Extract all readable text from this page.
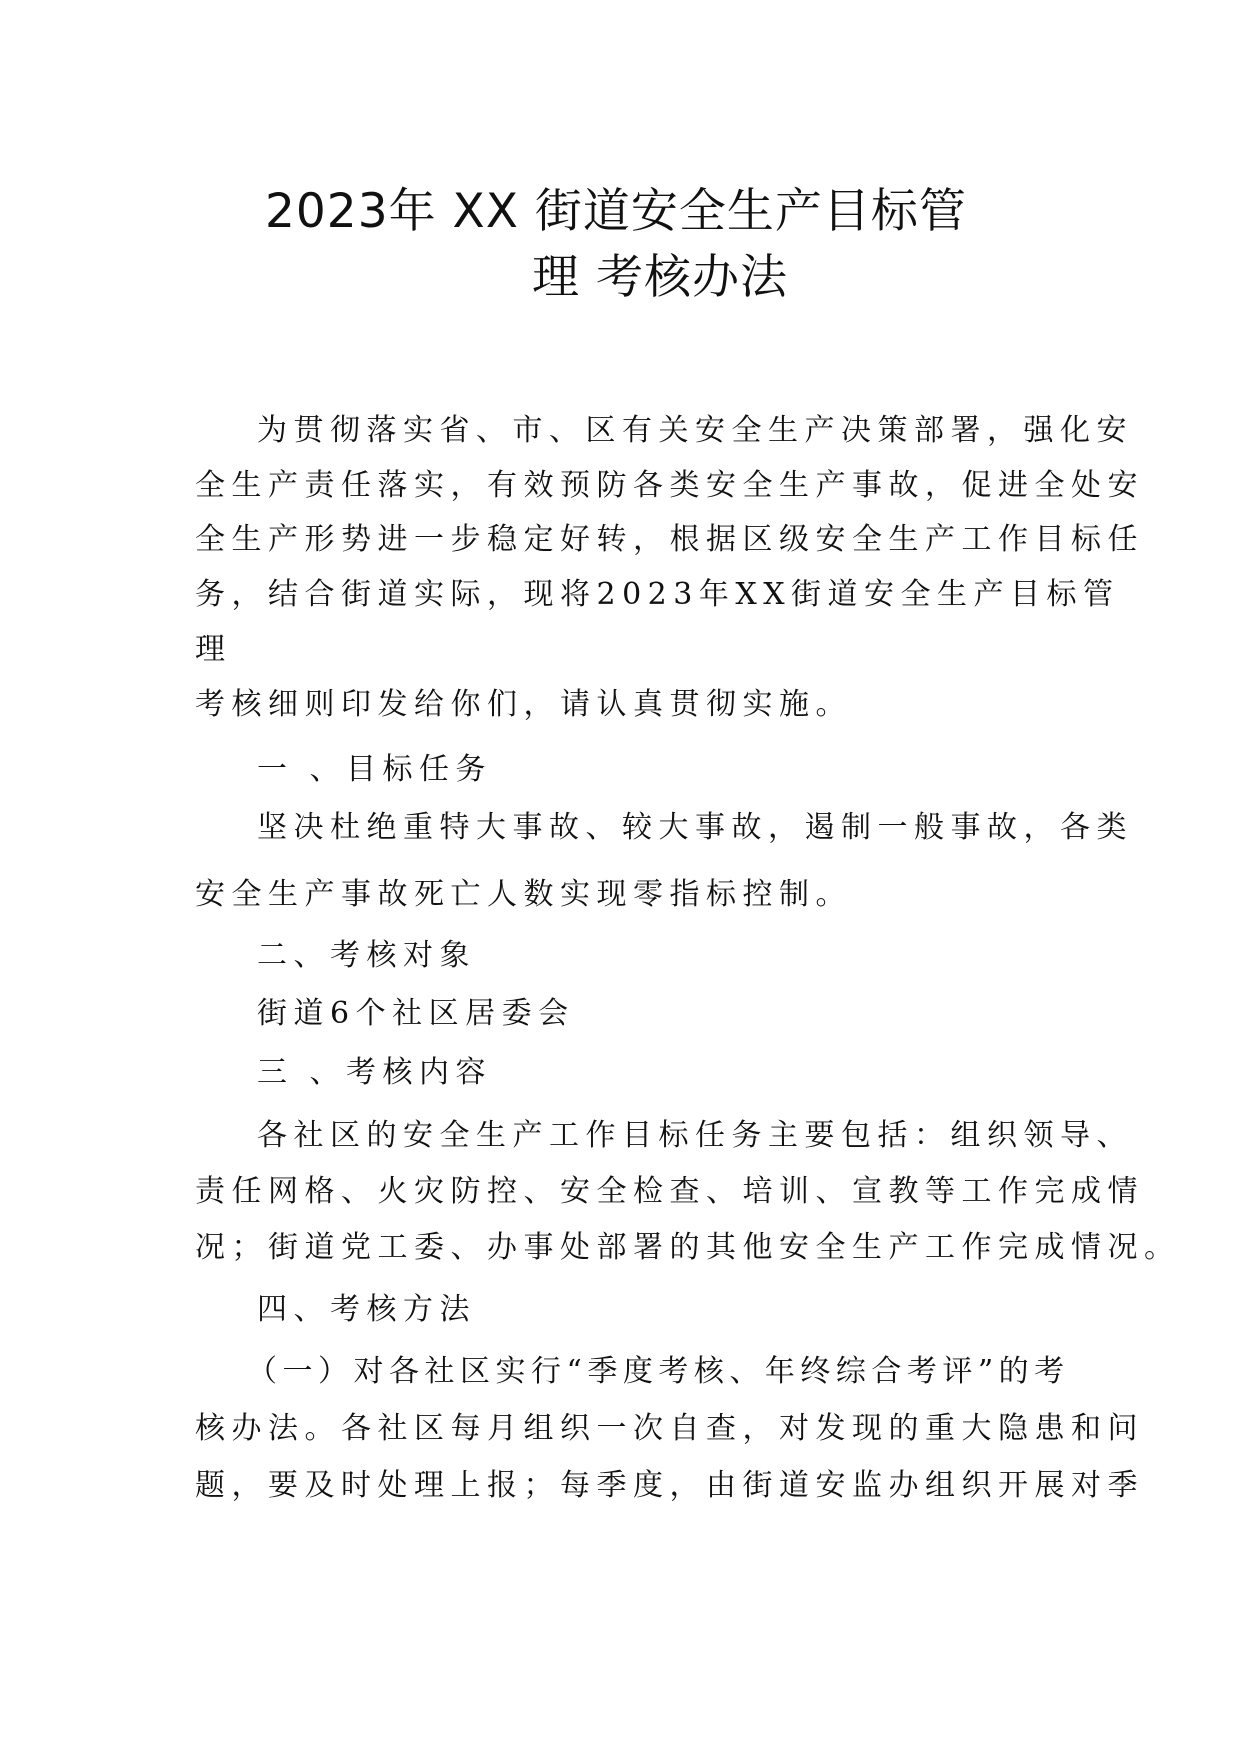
2023年 XX 街道安全生产目标管
理 考核办法
为贯彻落实省、市、区有关安全生产决策部署，强化安
全生产责任落实，有效预防各类安全生产事故，促进全处安
全生产形势进一步稳定好转，根据区级安全生产工作目标任
务，结合街道实际，现将2023年XX街道安全生产目标管
理
考核细则印发给你们，请认真贯彻实施。
一 、目标任务
坚决杜绝重特大事故、较大事故，遏制一般事故，各类
安全生产事故死亡人数实现零指标控制。
二、考核对象
街道6个社区居委会
三 、考核内容
各社区的安全生产工作目标任务主要包括：组织领导、
责任网格、火灾防控、安全检查、培训、宣教等工作完成情
况；街道党工委、办事处部署的其他安全生产工作完成情况。
四、考核方法
（一）对各社区实行“季度考核、年终综合考评”的考
核办法。各社区每月组织一次自查，对发现的重大隐患和问
题，要及时处理上报；每季度，由街道安监办组织开展对季
